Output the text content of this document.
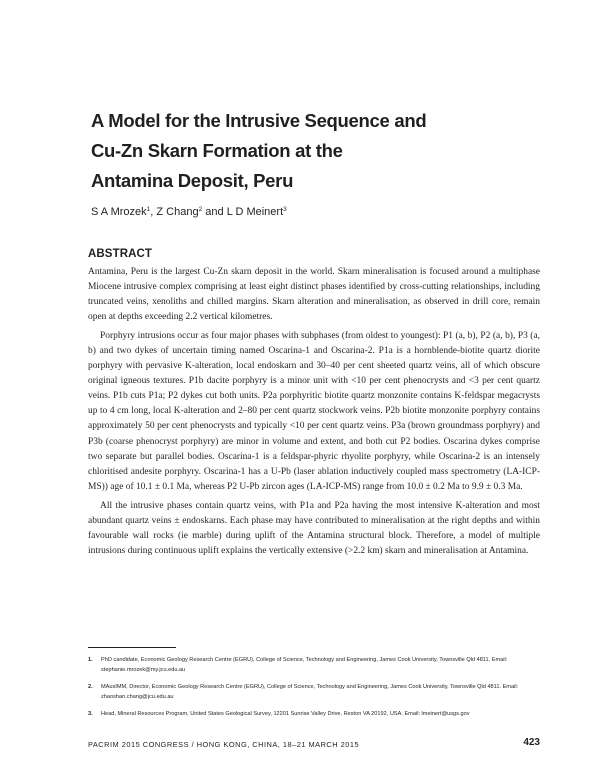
A Model for the Intrusive Sequence and
Cu-Zn Skarn Formation at the
Antamina Deposit, Peru
S A Mrozek$^1$, Z Chang$^2$ and L D Meinert$^3$
ABSTRACT

Antamina, Peru is the largest Cu-Zn skarn deposit in the world. Skarn mineralisation is focused around a multiphase Miocene intrusive complex comprising at least eight distinct phases identified by cross-cutting relationships, including truncated veins, xenoliths and chilled margins. Skarn alteration and mineralisation, as observed in drill core, remain open at depths exceeding 2.2 vertical kilometres.

Porphyry intrusions occur as four major phases with subphases (from oldest to youngest): P1 (a, b), P2 (a, b), P3 (a, b) and two dykes of uncertain timing named Oscarina-1 and Oscarina-2. P1a is a hornblende-biotite quartz diorite porphyry with pervasive K-alteration, local endoskarn and 30–40 per cent sheeted quartz veins, all of which obscure original igneous textures. P1b dacite porphyry is a minor unit with <10 per cent phenocrysts and <3 per cent quartz veins. P1b cuts P1a; P2 dykes cut both units. P2a porphyritic biotite quartz monzonite contains K-feldspar megacrysts up to 4 cm long, local K-alteration and 2–80 per cent quartz stockwork veins. P2b biotite monzonite porphyry contains approximately 50 per cent phenocrysts and typically <10 per cent quartz veins. P3a (brown groundmass porphyry) and P3b (coarse phenocryst porphyry) are minor in volume and extent, and both cut P2 bodies. Oscarina dykes comprise two separate but parallel bodies. Oscarina-1 is a feldspar-phyric rhyolite porphyry, while Oscarina-2 is an intensely chloritised andesite porphyry. Oscarina-1 has a U-Pb (laser ablation inductively coupled mass spectrometry (LA-ICP-MS)) age of 10.1 ± 0.1 Ma, whereas P2 U-Pb zircon ages (LA-ICP-MS) range from 10.0 ± 0.2 Ma to 9.9 ± 0.3 Ma.

All the intrusive phases contain quartz veins, with P1a and P2a having the most intensive K-alteration and most abundant quartz veins ± endoskarns. Each phase may have contributed to mineralisation at the right depths and within favourable wall rocks (ie marble) during uplift of the Antamina structural block. Therefore, a model of multiple intrusions during continuous uplift explains the vertically extensive (>2.2 km) skarn and mineralisation at Antamina.

1.	PhD candidate, Economic Geology Research Centre (EGRU), College of Science, Technology and Engineering, James Cook University, Townsville Qld 4811. Email: stephanie.mrozek@my.jcu.edu.au
2.	MAusIMM, Director, Economic Geology Research Centre (EGRU), College of Science, Technology and Engineering, James Cook University, Townsville Qld 4811. Email: zhaoshan.chang@jcu.edu.au
3.	Head, Mineral Resources Program, United States Geological Survey, 12201 Sunrise Valley Drive, Reston VA 20192, USA. Email: lmeinert@usgs.gov
PACRIM 2015 CONGRESS / HONG KONG, CHINA, 18–21 MARCH 2015	423
